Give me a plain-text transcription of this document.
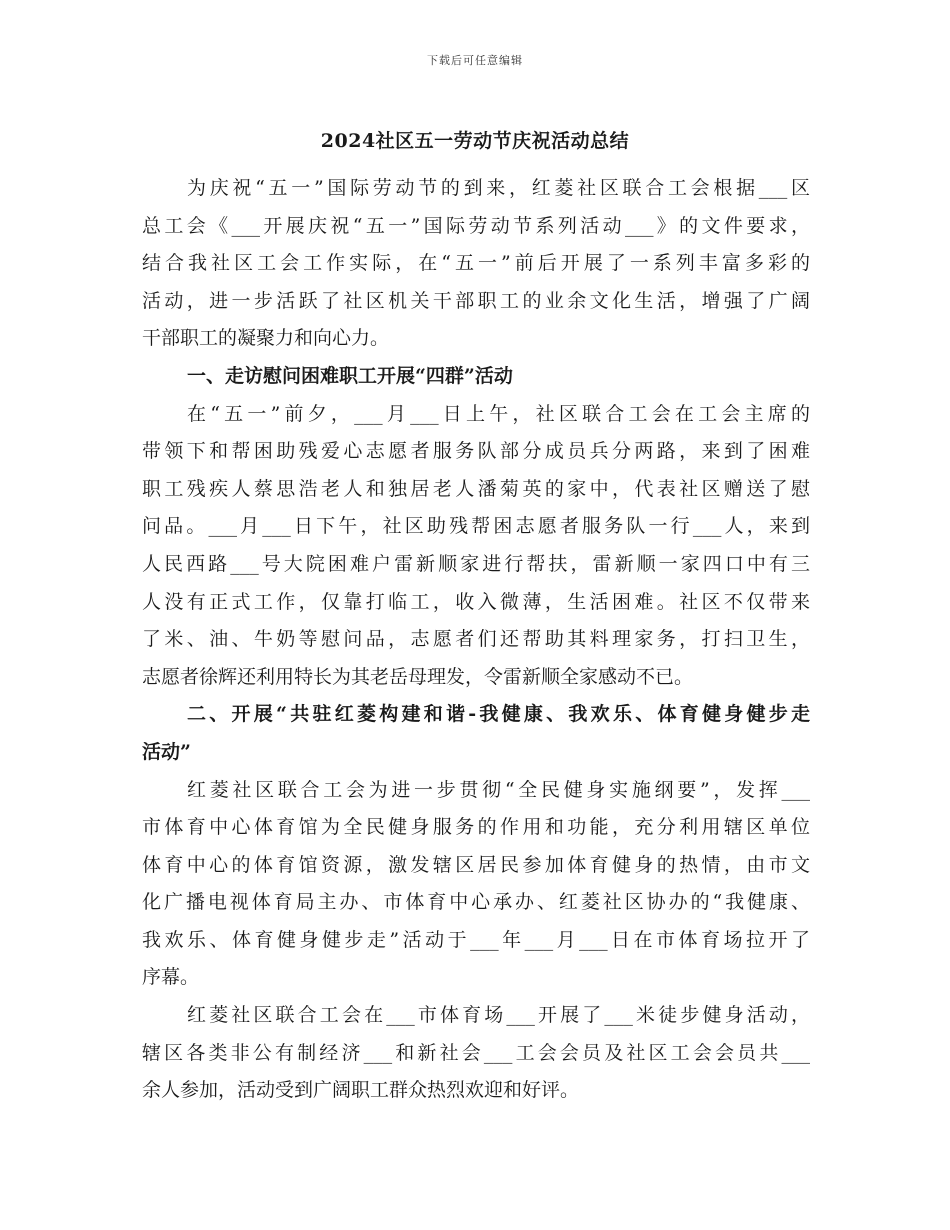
下载后可任意编辑
2024社区五一劳动节庆祝活动总结
为庆祝“五一”国际劳动节的到来，红菱社区联合工会根据___区
总工会《___开展庆祝“五一”国际劳动节系列活动___》的文件要求，
结合我社区工会工作实际，在“五一”前后开展了一系列丰富多彩的
活动，进一步活跃了社区机关干部职工的业余文化生活，增强了广阔
干部职工的凝聚力和向心力。
一、走访慰问困难职工开展“四群”活动
在“五一”前夕，___月___日上午，社区联合工会在工会主席的
带领下和帮困助残爱心志愿者服务队部分成员兵分两路，来到了困难
职工残疾人蔡思浩老人和独居老人潘菊英的家中，代表社区赠送了慰
问品。___月___日下午，社区助残帮困志愿者服务队一行___人，来到
人民西路___号大院困难户雷新顺家进行帮扶，雷新顺一家四口中有三
人没有正式工作，仅靠打临工，收入微薄，生活困难。社区不仅带来
了米、油、牛奶等慰问品，志愿者们还帮助其料理家务，打扫卫生，
志愿者徐辉还利用特长为其老岳母理发，令雷新顺全家感动不已。
二、开展“共驻红菱构建和谐-我健康、我欢乐、体育健身健步走
活动”
红菱社区联合工会为进一步贯彻“全民健身实施纲要”，发挥___
市体育中心体育馆为全民健身服务的作用和功能，充分利用辖区单位
体育中心的体育馆资源，激发辖区居民参加体育健身的热情，由市文
化广播电视体育局主办、市体育中心承办、红菱社区协办的“我健康、
我欢乐、体育健身健步走”活动于___年___月___日在市体育场拉开了
序幕。
红菱社区联合工会在___市体育场___开展了___米徒步健身活动，
辖区各类非公有制经济___和新社会___工会会员及社区工会会员共___
余人参加，活动受到广阔职工群众热烈欢迎和好评。
